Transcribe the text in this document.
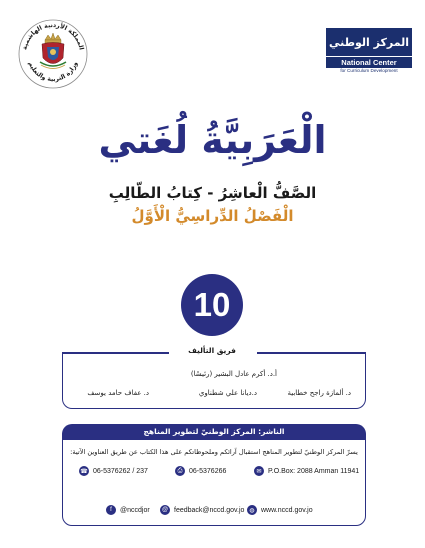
المركز الوطني
National Center
for Curriculum Development
المملكة الأردنية الهاشمية
وزارة التربية والتعليم
الْعَرَبِيَّةُ لُغَتي
الصَّفُّ الْعاشِرُ - كِتابُ الطّالِبِ
الْفَصْلُ الدِّراسِيُّ الْأَوَّلُ
10
فريق التأليف
أ.د. أكرم عادل البشير (رئيسًا)
د. ألمازة راجح خطابية
د.ديانا علي شطناوي
د. عفاف حامد يوسف
الناشر: المركز الوطنيّ لتطوير المناهج
يسرّ المركز الوطنيّ لتطوير المناهج استقبال آرائكم وملحوظاتكم على هذا الكتاب عن طريق العناوين الآتية:
☎ 06-5376262 / 237	⎙ 06-5376266	✉ P.O.Box: 2088 Amman 11941
f	@nccdjor	@ feedback@nccd.gov.jo ◍ www.nccd.gov.jo
